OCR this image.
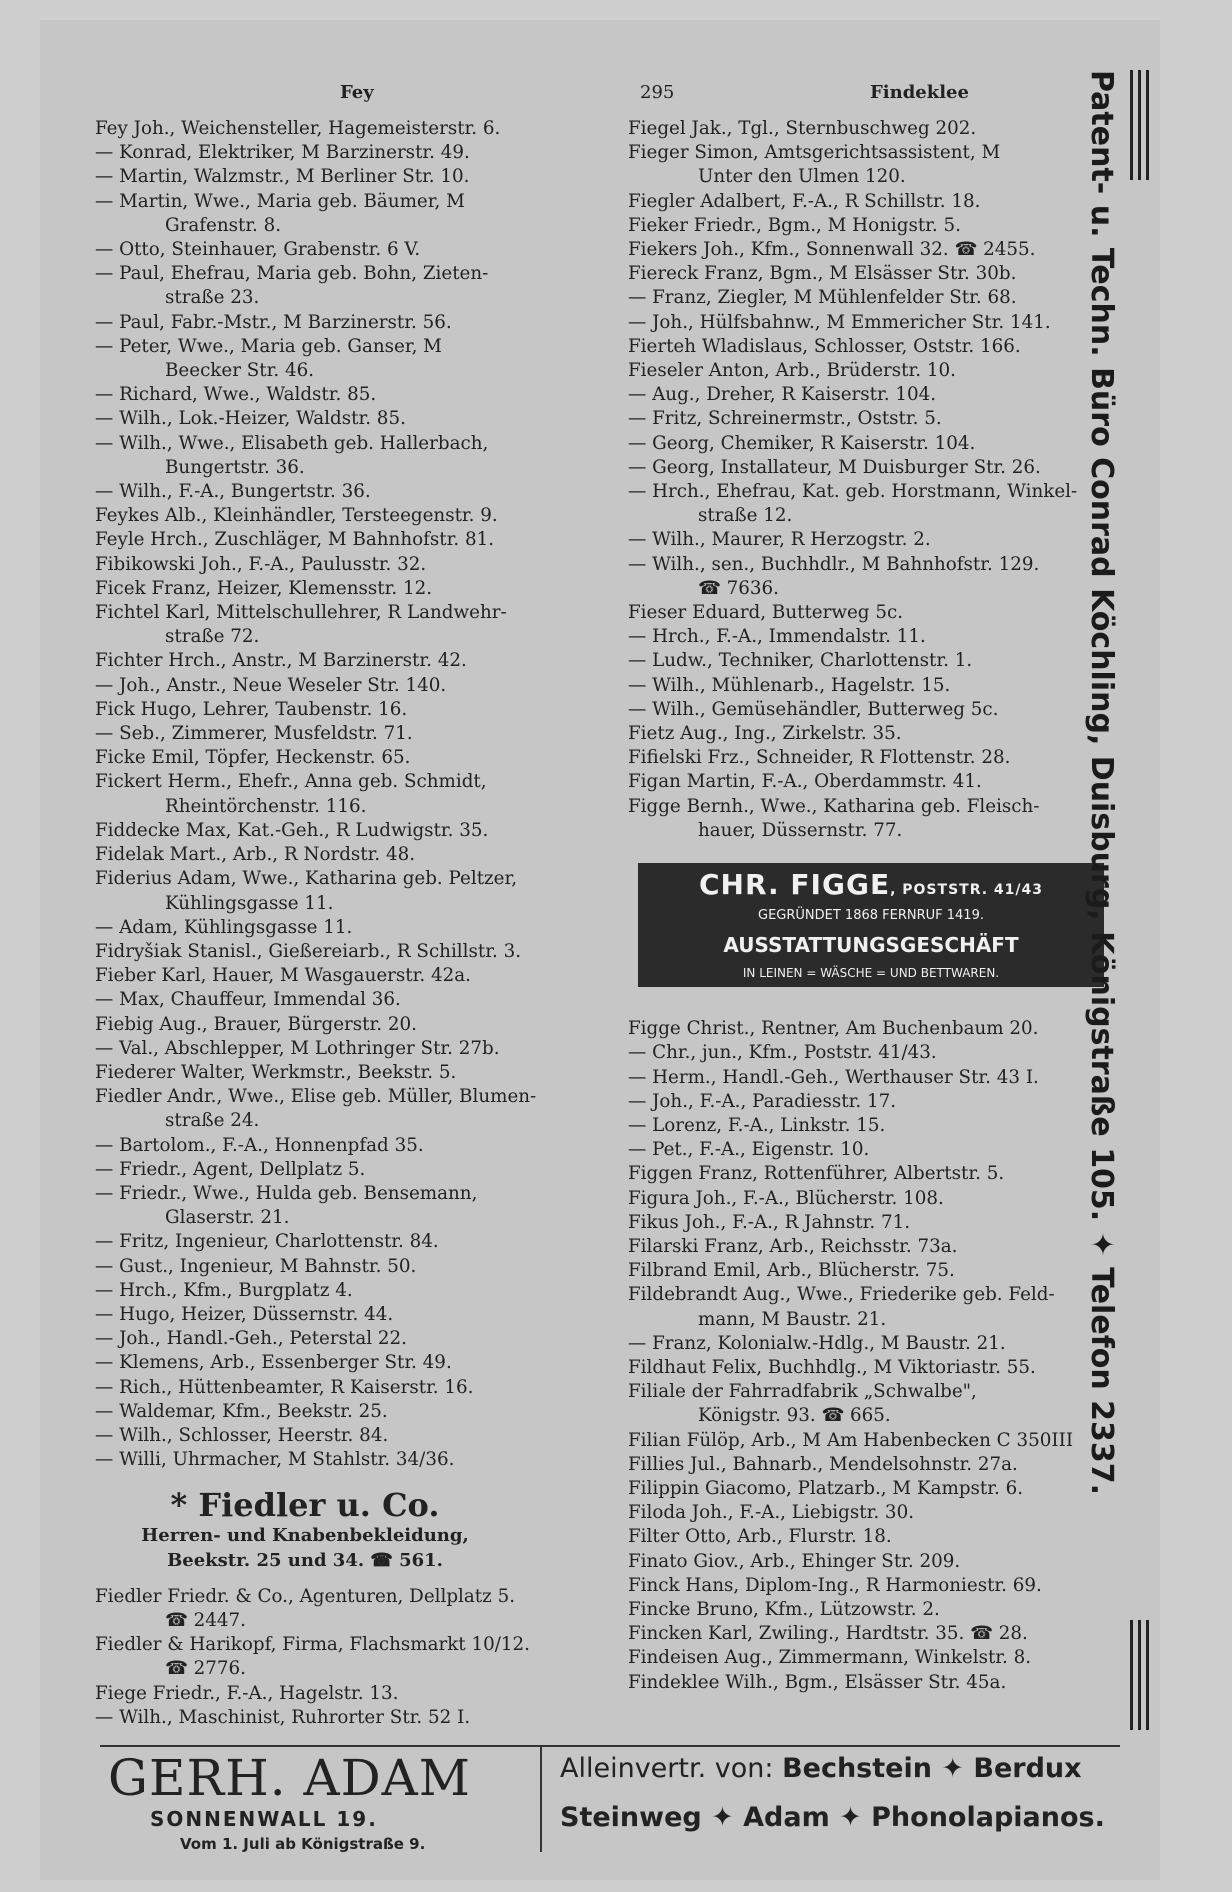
Fey	295	Findeklee
Fey Joh., Weichensteller, Hagemeisterstr. 6.
— Konrad, Elektriker, M Barzinerstr. 49.
— Martin, Walzmstr., M Berliner Str. 10.
— Martin, Wwe., Maria geb. Bäumer, M
Grafenstr. 8.
— Otto, Steinhauer, Grabenstr. 6 V.
— Paul, Ehefrau, Maria geb. Bohn, Zieten-
straße 23.
— Paul, Fabr.-Mstr., M Barzinerstr. 56.
— Peter, Wwe., Maria geb. Ganser, M
Beecker Str. 46.
— Richard, Wwe., Waldstr. 85.
— Wilh., Lok.-Heizer, Waldstr. 85.
— Wilh., Wwe., Elisabeth geb. Hallerbach,
Bungertstr. 36.
— Wilh., F.-A., Bungertstr. 36.
Feykes Alb., Kleinhändler, Tersteegenstr. 9.
Feyle Hrch., Zuschläger, M Bahnhofstr. 81.
Fibikowski Joh., F.-A., Paulusstr. 32.
Ficek Franz, Heizer, Klemensstr. 12.
Fichtel Karl, Mittelschullehrer, R Landwehr-
straße 72.
Fichter Hrch., Anstr., M Barzinerstr. 42.
— Joh., Anstr., Neue Weseler Str. 140.
Fick Hugo, Lehrer, Taubenstr. 16.
— Seb., Zimmerer, Musfeldstr. 71.
Ficke Emil, Töpfer, Heckenstr. 65.
Fickert Herm., Ehefr., Anna geb. Schmidt,
Rheintörchenstr. 116.
Fiddecke Max, Kat.-Geh., R Ludwigstr. 35.
Fidelak Mart., Arb., R Nordstr. 48.
Fiderius Adam, Wwe., Katharina geb. Peltzer,
Kühlingsgasse 11.
— Adam, Kühlingsgasse 11.
Fidryšiak Stanisl., Gießereiarb., R Schillstr. 3.
Fieber Karl, Hauer, M Wasgauerstr. 42a.
— Max, Chauffeur, Immendal 36.
Fiebig Aug., Brauer, Bürgerstr. 20.
— Val., Abschlepper, M Lothringer Str. 27b.
Fiederer Walter, Werkmstr., Beekstr. 5.
Fiedler Andr., Wwe., Elise geb. Müller, Blumen-
straße 24.
— Bartolom., F.-A., Honnenpfad 35.
— Friedr., Agent, Dellplatz 5.
— Friedr., Wwe., Hulda geb. Bensemann,
Glaserstr. 21.
— Fritz, Ingenieur, Charlottenstr. 84.
— Gust., Ingenieur, M Bahnstr. 50.
— Hrch., Kfm., Burgplatz 4.
— Hugo, Heizer, Düssernstr. 44.
— Joh., Handl.-Geh., Peterstal 22.
— Klemens, Arb., Essenberger Str. 49.
— Rich., Hüttenbeamter, R Kaiserstr. 16.
— Waldemar, Kfm., Beekstr. 25.
— Wilh., Schlosser, Heerstr. 84.
— Willi, Uhrmacher, M Stahlstr. 34/36.
* Fiedler u. Co.
Herren- und Knabenbekleidung,
Beekstr. 25 und 34. ☎ 561.
Fiedler Friedr. & Co., Agenturen, Dellplatz 5.
☎ 2447.
Fiedler & Harikopf, Firma, Flachsmarkt 10/12.
☎ 2776.
Fiege Friedr., F.-A., Hagelstr. 13.
— Wilh., Maschinist, Ruhrorter Str. 52 I.
Fiegel Jak., Tgl., Sternbuschweg 202.
Fieger Simon, Amtsgerichtsassistent, M
Unter den Ulmen 120.
Fiegler Adalbert, F.-A., R Schillstr. 18.
Fieker Friedr., Bgm., M Honigstr. 5.
Fiekers Joh., Kfm., Sonnenwall 32. ☎ 2455.
Fiereck Franz, Bgm., M Elsässer Str. 30b.
— Franz, Ziegler, M Mühlenfelder Str. 68.
— Joh., Hülfsbahnw., M Emmericher Str. 141.
Fierteh Wladislaus, Schlosser, Oststr. 166.
Fieseler Anton, Arb., Brüderstr. 10.
— Aug., Dreher, R Kaiserstr. 104.
— Fritz, Schreinermstr., Oststr. 5.
— Georg, Chemiker, R Kaiserstr. 104.
— Georg, Installateur, M Duisburger Str. 26.
— Hrch., Ehefrau, Kat. geb. Horstmann, Winkel-
straße 12.
— Wilh., Maurer, R Herzogstr. 2.
— Wilh., sen., Buchhdlr., M Bahnhofstr. 129.
☎ 7636.
Fieser Eduard, Butterweg 5c.
— Hrch., F.-A., Immendalstr. 11.
— Ludw., Techniker, Charlottenstr. 1.
— Wilh., Mühlenarb., Hagelstr. 15.
— Wilh., Gemüsehändler, Butterweg 5c.
Fietz Aug., Ing., Zirkelstr. 35.
Fifielski Frz., Schneider, R Flottenstr. 28.
Figan Martin, F.-A., Oberdammstr. 41.
Figge Bernh., Wwe., Katharina geb. Fleisch-
hauer, Düssernstr. 77.
CHR. FIGGE, POSTSTR. 41/43
GEGRÜNDET 1868 FERNRUF 1419.
AUSSTATTUNGSGESCHÄFT
IN LEINEN = WÄSCHE = UND BETTWAREN.
Figge Christ., Rentner, Am Buchenbaum 20.
— Chr., jun., Kfm., Poststr. 41/43.
— Herm., Handl.-Geh., Werthauser Str. 43 I.
— Joh., F.-A., Paradiesstr. 17.
— Lorenz, F.-A., Linkstr. 15.
— Pet., F.-A., Eigenstr. 10.
Figgen Franz, Rottenführer, Albertstr. 5.
Figura Joh., F.-A., Blücherstr. 108.
Fikus Joh., F.-A., R Jahnstr. 71.
Filarski Franz, Arb., Reichsstr. 73a.
Filbrand Emil, Arb., Blücherstr. 75.
Fildebrandt Aug., Wwe., Friederike geb. Feld-
mann, M Baustr. 21.
— Franz, Kolonialw.-Hdlg., M Baustr. 21.
Fildhaut Felix, Buchhdlg., M Viktoriastr. 55.
Filiale der Fahrradfabrik „Schwalbe",
Königstr. 93. ☎ 665.
Filian Fülöp, Arb., M Am Habenbecken C 350III
Fillies Jul., Bahnarb., Mendelsohnstr. 27a.
Filippin Giacomo, Platzarb., M Kampstr. 6.
Filoda Joh., F.-A., Liebigstr. 30.
Filter Otto, Arb., Flurstr. 18.
Finato Giov., Arb., Ehinger Str. 209.
Finck Hans, Diplom-Ing., R Harmoniestr. 69.
Fincke Bruno, Kfm., Lützowstr. 2.
Fincken Karl, Zwiling., Hardtstr. 35. ☎ 28.
Findeisen Aug., Zimmermann, Winkelstr. 8.
Findeklee Wilh., Bgm., Elsässer Str. 45a.
Patent- u. Techn. Büro Conrad Köchling, Duisburg, Königstraße 105. ✦ Telefon 2337.
GERH. ADAM
SONNENWALL 19.
Vom 1. Juli ab Königstraße 9.
Alleinvertr. von: Bechstein ✦ Berdux
Steinweg ✦ Adam ✦ Phonolapianos.
